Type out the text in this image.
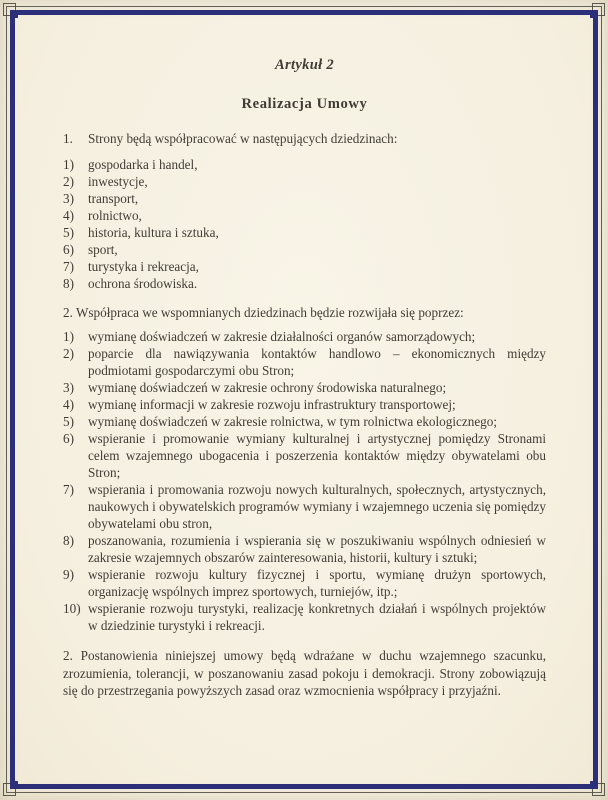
Artykuł 2
Realizacja Umowy

1. Strony będą współpracować w następujących dziedzinach:

1) gospodarka i handel,
2) inwestycje,
3) transport,
4) rolnictwo,
5) historia, kultura i sztuka,
6) sport,
7) turystyka i rekreacja,
8) ochrona środowiska.

2. Współpraca we wspomnianych dziedzinach będzie rozwijała się poprzez:

1) wymianę doświadczeń w zakresie działalności organów samorządowych;
2) poparcie dla nawiązywania kontaktów handlowo – ekonomicznych między podmiotami gospodarczymi obu Stron;
3) wymianę doświadczeń w zakresie ochrony środowiska naturalnego;
4) wymianę informacji w zakresie rozwoju infrastruktury transportowej;
5) wymianę doświadczeń w zakresie rolnictwa, w tym rolnictwa ekologicznego;
6) wspieranie i promowanie wymiany kulturalnej i artystycznej pomiędzy Stronami celem wzajemnego ubogacenia i poszerzenia kontaktów między obywatelami obu Stron;
7) wspierania i promowania rozwoju nowych kulturalnych, społecznych, artystycznych, naukowych i obywatelskich programów wymiany i wzajemnego uczenia się pomiędzy obywatelami obu stron,
8) poszanowania, rozumienia i wspierania się w poszukiwaniu wspólnych odniesień w zakresie wzajemnych obszarów zainteresowania, historii, kultury i sztuki;
9) wspieranie rozwoju kultury fizycznej i sportu, wymianę drużyn sportowych, organizację wspólnych imprez sportowych, turniejów, itp.;
10) wspieranie rozwoju turystyki, realizację konkretnych działań i wspólnych projektów w dziedzinie turystyki i rekreacji.

2. Postanowienia niniejszej umowy będą wdrażane w duchu wzajemnego szacunku, zrozumienia, tolerancji, w poszanowaniu zasad pokoju i demokracji. Strony zobowiązują się do przestrzegania powyższych zasad oraz wzmocnienia współpracy i przyjaźni.
